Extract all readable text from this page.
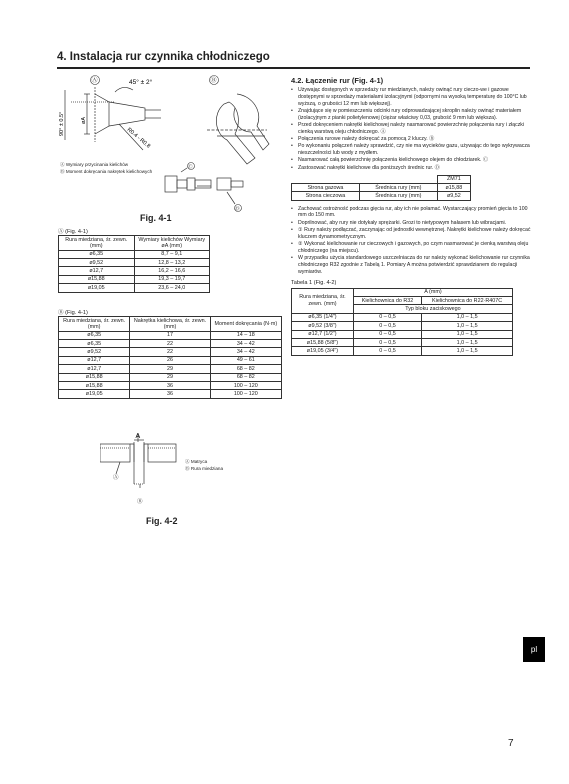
4. Instalacja rur czynnika chłodniczego
Ⓐ	Ⓑ
Ⓒ
Ⓓ
45° ± 2°
90° ± 0.5°	øA
R0.4 - R0.8
Ⓐ Wymiary przycinania kielichów
Ⓑ Moment dokręcania nakrętek kielichowych
Fig. 4-1
Ⓐ (Fig. 4-1)
Rura miedziana, śr. zewn. (mm)	Wymiary kielichów Wymiary øA (mm)
ø6,35	8,7 – 9,1
ø9,52	12,8 – 13,2
ø12,7	16,2 – 16,6
ø15,88	19,3 – 19,7
ø19,05	23,6 – 24,0
Ⓑ (Fig. 4-1)
Rura miedziana, śr. zewn. (mm)	Nakrętka kielichowa, śr. zewn. (mm)	Moment dokręcania (N·m)
ø6,35	17	14 – 18
ø6,35	22	34 – 42
ø9,52	22	34 – 42
ø12,7	26	49 – 61
ø12,7	29	68 – 82
ø15,88	29	68 – 82
ø15,88	36	100 – 120
ø19,05	36	100 – 120
A
Ⓐ
Ⓑ
Ⓐ Matryca
Ⓑ Rura miedziana
Fig. 4-2
4.2. Łączenie rur (Fig. 4-1)
• Używając dostępnych w sprzedaży rur miedzianych, należy owinąć rury cieczo-we i gazowe dostępnymi w sprzedaży materiałami izolacyjnymi (odpornymi na wysoką temperaturę do 100°C lub wyższą, o grubości 12 mm lub większej).
• Znajdujące się w pomieszczeniu odcinki rury odprowadzającej skroplin należy owinąć materiałem (izolacyjnym z pianki polietylenowej (ciężar właściwy 0,03, grubość 9 mm lub większa).
• Przed dokręceniem nakrętki kielichowej należy nasmarować powierzchnię połączenia rury i złączki cienką warstwą oleju chłodniczego. Ⓐ
• Połączenia rurowe należy dokręcać za pomocą 2 kluczy. Ⓑ
• Po wykonaniu połączeń należy sprawdzić, czy nie ma wycieków gazu, używając do tego wykrywacza nieszczelności lub wody z mydłem.
• Nasmarować całą powierzchnię połączenia kielichowego olejem do chłodziarek. Ⓒ
• Zastosować nakrętki kielichowe dla poniższych średnic rur. Ⓓ
		ZM71
Strona gazowa	Średnica rury (mm)	ø15,88
Strona cieczowa	Średnica rury (mm)	ø9,52
• Zachować ostrożność podczas gięcia rur, aby ich nie połamać. Wystarczający promień gięcia to 100 mm do 150 mm.
• Doprilnować, aby rury nie dotykały sprężarki. Grozi to nietypowym hałasem lub wibracjami.
• ① Rury należy podłączać, zaczynając od jednostki wewnętrznej. Nakrętki kielichowe należy dokręcać kluczem dynamometrycznym.
• ② Wykonać kielichowanie rur cieczowych i gazowych, po czym nasmarować je cienką warstwą oleju chłodniczego (na miejscu).
• W przypadku użycia standardowego uszczelniacza do rur należy wykonać kielichowanie rur czynnika chłodniczego R32 zgodnie z Tabelą 1. Pomiary A można potwierdzić sprawdzianem do regulacji wymiarów.
Tabela 1 (Fig. 4-2)
Rura miedziana, śr. zewn. (mm)	A (mm)	
	Kielichownica do R32	Kielichownica do R22·R407C
	Typ bloku zaciskowego	
ø6,35 (1/4")	0 – 0,5	1,0 – 1,5
ø9,52 (3/8")	0 – 0,5	1,0 – 1,5
ø12,7 (1/2")	0 – 0,5	1,0 – 1,5
ø15,88 (5/8")	0 – 0,5	1,0 – 1,5
ø19,05 (3/4")	0 – 0,5	1,0 – 1,5
pl
7
